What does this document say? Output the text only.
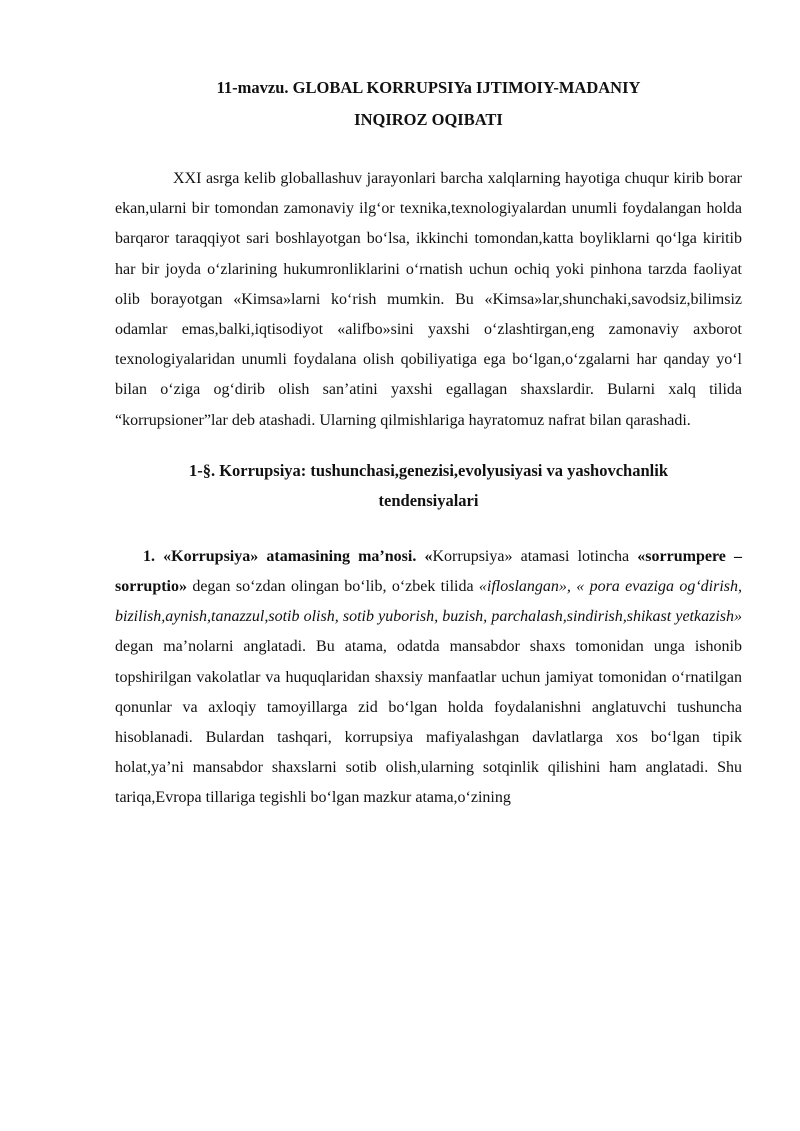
11-mavzu. GLOBAL KORRUPSIYa IJTIMOIY-MADANIY
INQIROZ OQIBATI

XXI asrga kelib globallashuv jarayonlari barcha xalqlarning hayotiga chuqur kirib borar ekan,ularni bir tomondan zamonaviy ilg‘or texnika,texnologiyalardan unumli foydalangan holda barqaror taraqqiyot sari boshlayotgan bo‘lsa, ikkinchi tomondan,katta boyliklarni qo‘lga kiritib har bir joyda o‘zlarining hukumronliklarini o‘rnatish uchun ochiq yoki pinhona tarzda faoliyat olib borayotgan «Kimsa»larni ko‘rish mumkin. Bu «Kimsa»lar,shunchaki,savodsiz,bilimsiz odamlar emas,balki,iqtisodiyot «alifbo»sini yaxshi o‘zlashtirgan,eng zamonaviy axborot texnologiyalaridan unumli foydalana olish qobiliyatiga ega bo‘lgan,o‘zgalarni har qanday yo‘l bilan o‘ziga og‘dirib olish san’atini yaxshi egallagan shaxslardir. Bularni xalq tilida “korrupsioner”lar deb atashadi. Ularning qilmishlariga hayratomuz nafrat bilan qarashadi.

1-§. Korrupsiya: tushunchasi,genezisi,evolyusiyasi va yashovchanlik
tendensiyalari

1. «Korrupsiya» atamasining ma’nosi. «Korrupsiya» atamasi lotincha «sorrumpere – sorruptio» degan so‘zdan olingan bo‘lib, o‘zbek tilida «ifloslangan», « pora evaziga og‘dirish, bizilish,aynish,tanazzul,sotib olish, sotib yuborish, buzish, parchalash,sindirish,shikast yetkazish» degan ma’nolarni anglatadi. Bu atama, odatda mansabdor shaxs tomonidan unga ishonib topshirilgan vakolatlar va huquqlaridan shaxsiy manfaatlar uchun jamiyat tomonidan o‘rnatilgan qonunlar va axloqiy tamoyillarga zid bo‘lgan holda foydalanishni anglatuvchi tushuncha hisoblanadi. Bulardan tashqari, korrupsiya mafiyalashgan davlatlarga xos bo‘lgan tipik holat,ya’ni mansabdor shaxslarni sotib olish,ularning sotqinlik qilishini ham anglatadi. Shu tariqa,Evropa tillariga tegishli bo‘lgan mazkur atama,o‘zining
